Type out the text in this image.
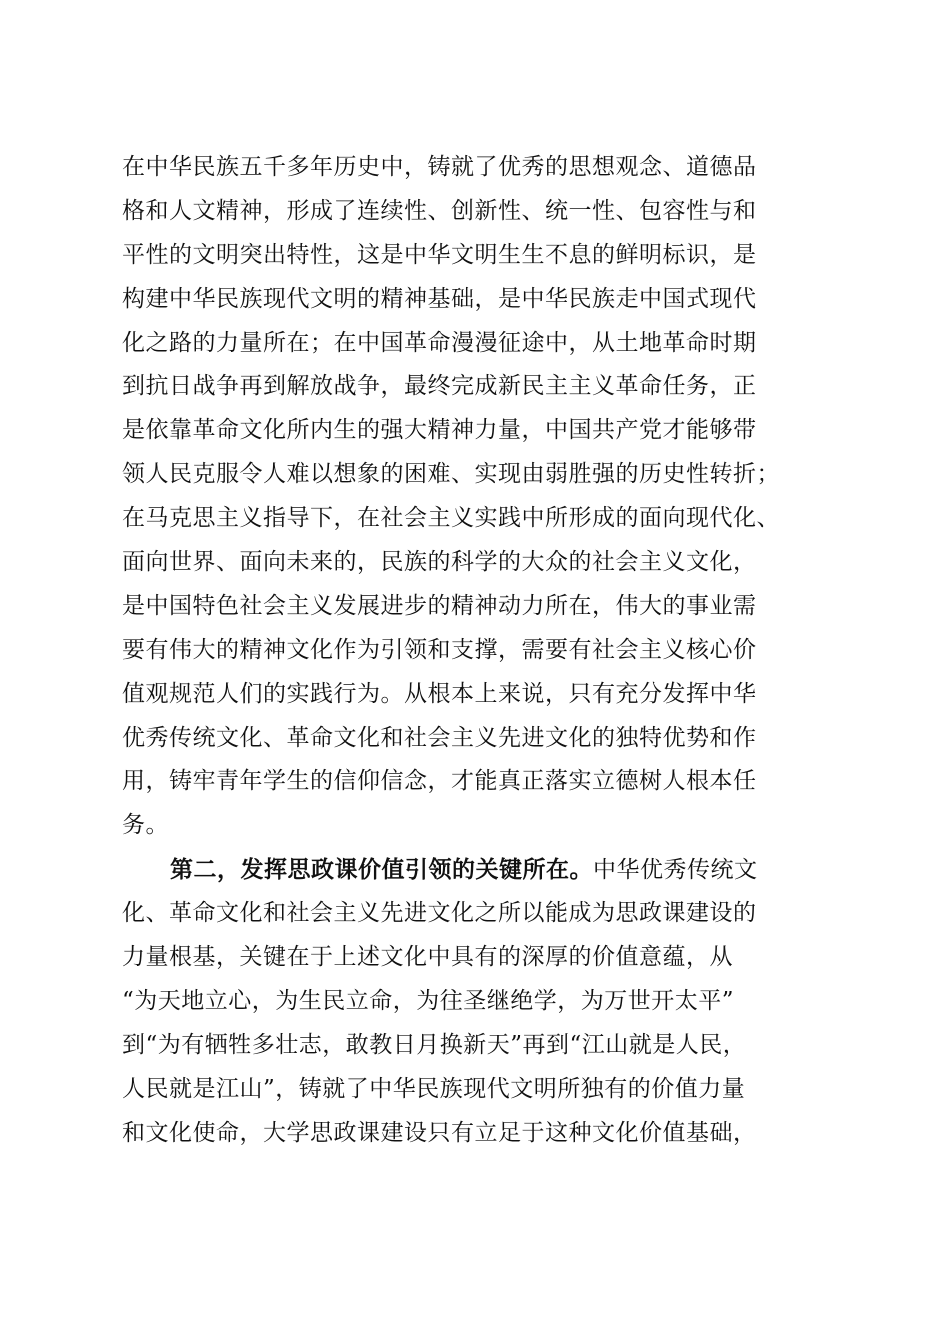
在中华民族五千多年历史中，铸就了优秀的思想观念、道德品
格和人文精神，形成了连续性、创新性、统一性、包容性与和
平性的文明突出特性，这是中华文明生生不息的鲜明标识，是
构建中华民族现代文明的精神基础，是中华民族走中国式现代
化之路的力量所在；在中国革命漫漫征途中，从土地革命时期
到抗日战争再到解放战争，最终完成新民主主义革命任务，正
是依靠革命文化所内生的强大精神力量，中国共产党才能够带
领人民克服令人难以想象的困难、实现由弱胜强的历史性转折；
在马克思主义指导下，在社会主义实践中所形成的面向现代化、
面向世界、面向未来的，民族的科学的大众的社会主义文化，
是中国特色社会主义发展进步的精神动力所在，伟大的事业需
要有伟大的精神文化作为引领和支撑，需要有社会主义核心价
值观规范人们的实践行为。从根本上来说，只有充分发挥中华
优秀传统文化、革命文化和社会主义先进文化的独特优势和作
用，铸牢青年学生的信仰信念，才能真正落实立德树人根本任
务。
第二，发挥思政课价值引领的关键所在。中华优秀传统文
化、革命文化和社会主义先进文化之所以能成为思政课建设的
力量根基，关键在于上述文化中具有的深厚的价值意蕴，从
“为天地立心，为生民立命，为往圣继绝学，为万世开太平”
到“为有牺牲多壮志，敢教日月换新天”再到“江山就是人民，
人民就是江山”，铸就了中华民族现代文明所独有的价值力量
和文化使命，大学思政课建设只有立足于这种文化价值基础，
